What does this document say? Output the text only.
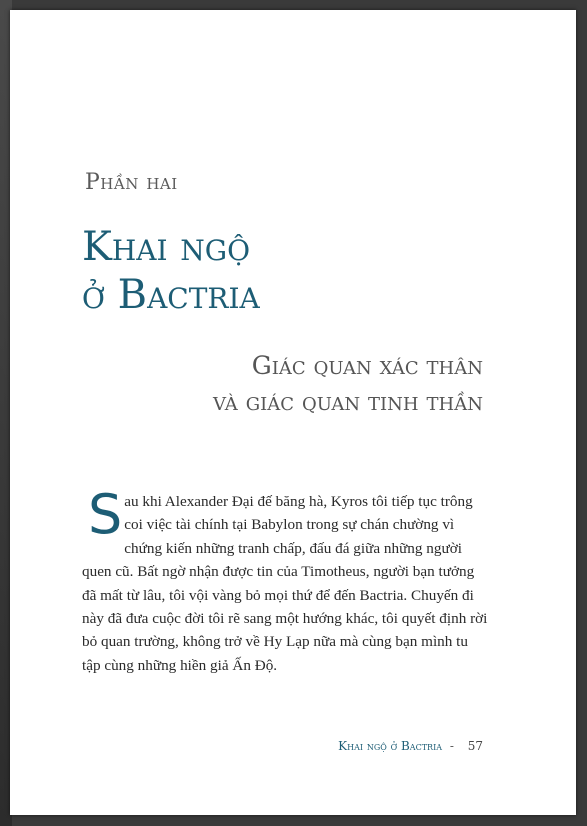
Phần hai
Khai ngộ
ở Bactria
Giác quan xác thân
và giác quan tinh thần
S au khi Alexander Đại đế băng hà, Kyros tôi tiếp tục trông coi việc tài chính tại Babylon trong sự chán chường vì chứng kiến những tranh chấp, đấu đá giữa những người quen cũ. Bất ngờ nhận được tin của Timotheus, người bạn tưởng đã mất từ lâu, tôi vội vàng bỏ mọi thứ để đến Bactria. Chuyến đi này đã đưa cuộc đời tôi rẽ sang một hướng khác, tôi quyết định rời bỏ quan trường, không trở về Hy Lạp nữa mà cùng bạn mình tu tập cùng những hiền giả Ấn Độ.

Khai ngộ ở Bactria - 57
